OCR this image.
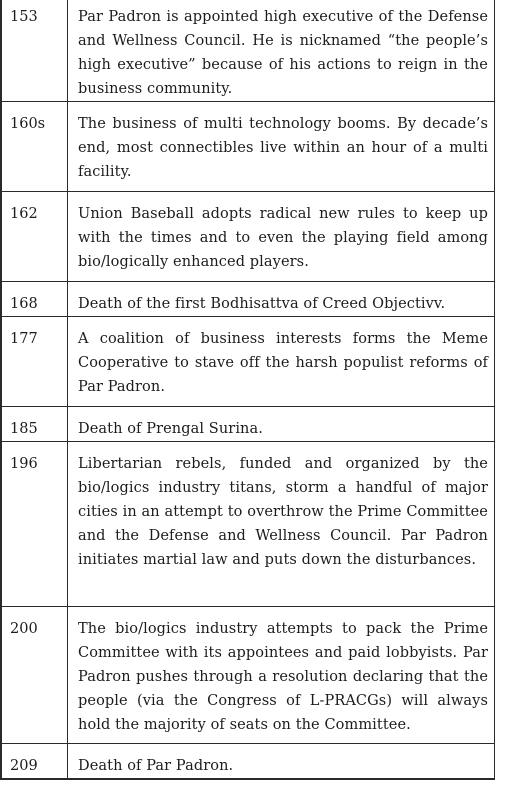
153	Par Padron is appointed high executive of the Defense and Wellness Council. He is nicknamed “the people’s high executive” because of his actions to reign in the business community.	
160s	The business of multi technology booms. By decade’s end, most connectibles live within an hour of a multi facility.	
162	Union Baseball adopts radical new rules to keep up with the times and to even the playing field among bio/logically enhanced players.	
168	Death of the first Bodhisattva of Creed Objectivv.	
177	A coalition of business interests forms the Meme Cooperative to stave off the harsh populist reforms of Par Padron.	
185	Death of Prengal Surina.	
196	Libertarian rebels, funded and organized by the bio/logics industry titans, storm a handful of major cities in an attempt to overthrow the Prime Committee and the Defense and Wellness Council. Par Padron initiates martial law and puts down the disturbances.	
200	The bio/logics industry attempts to pack the Prime Committee with its appointees and paid lobbyists. Par Padron pushes through a resolution declaring that the people (via the Congress of L-PRACGs) will always hold the majority of seats on the Committee.	
209	Death of Par Padron.	
